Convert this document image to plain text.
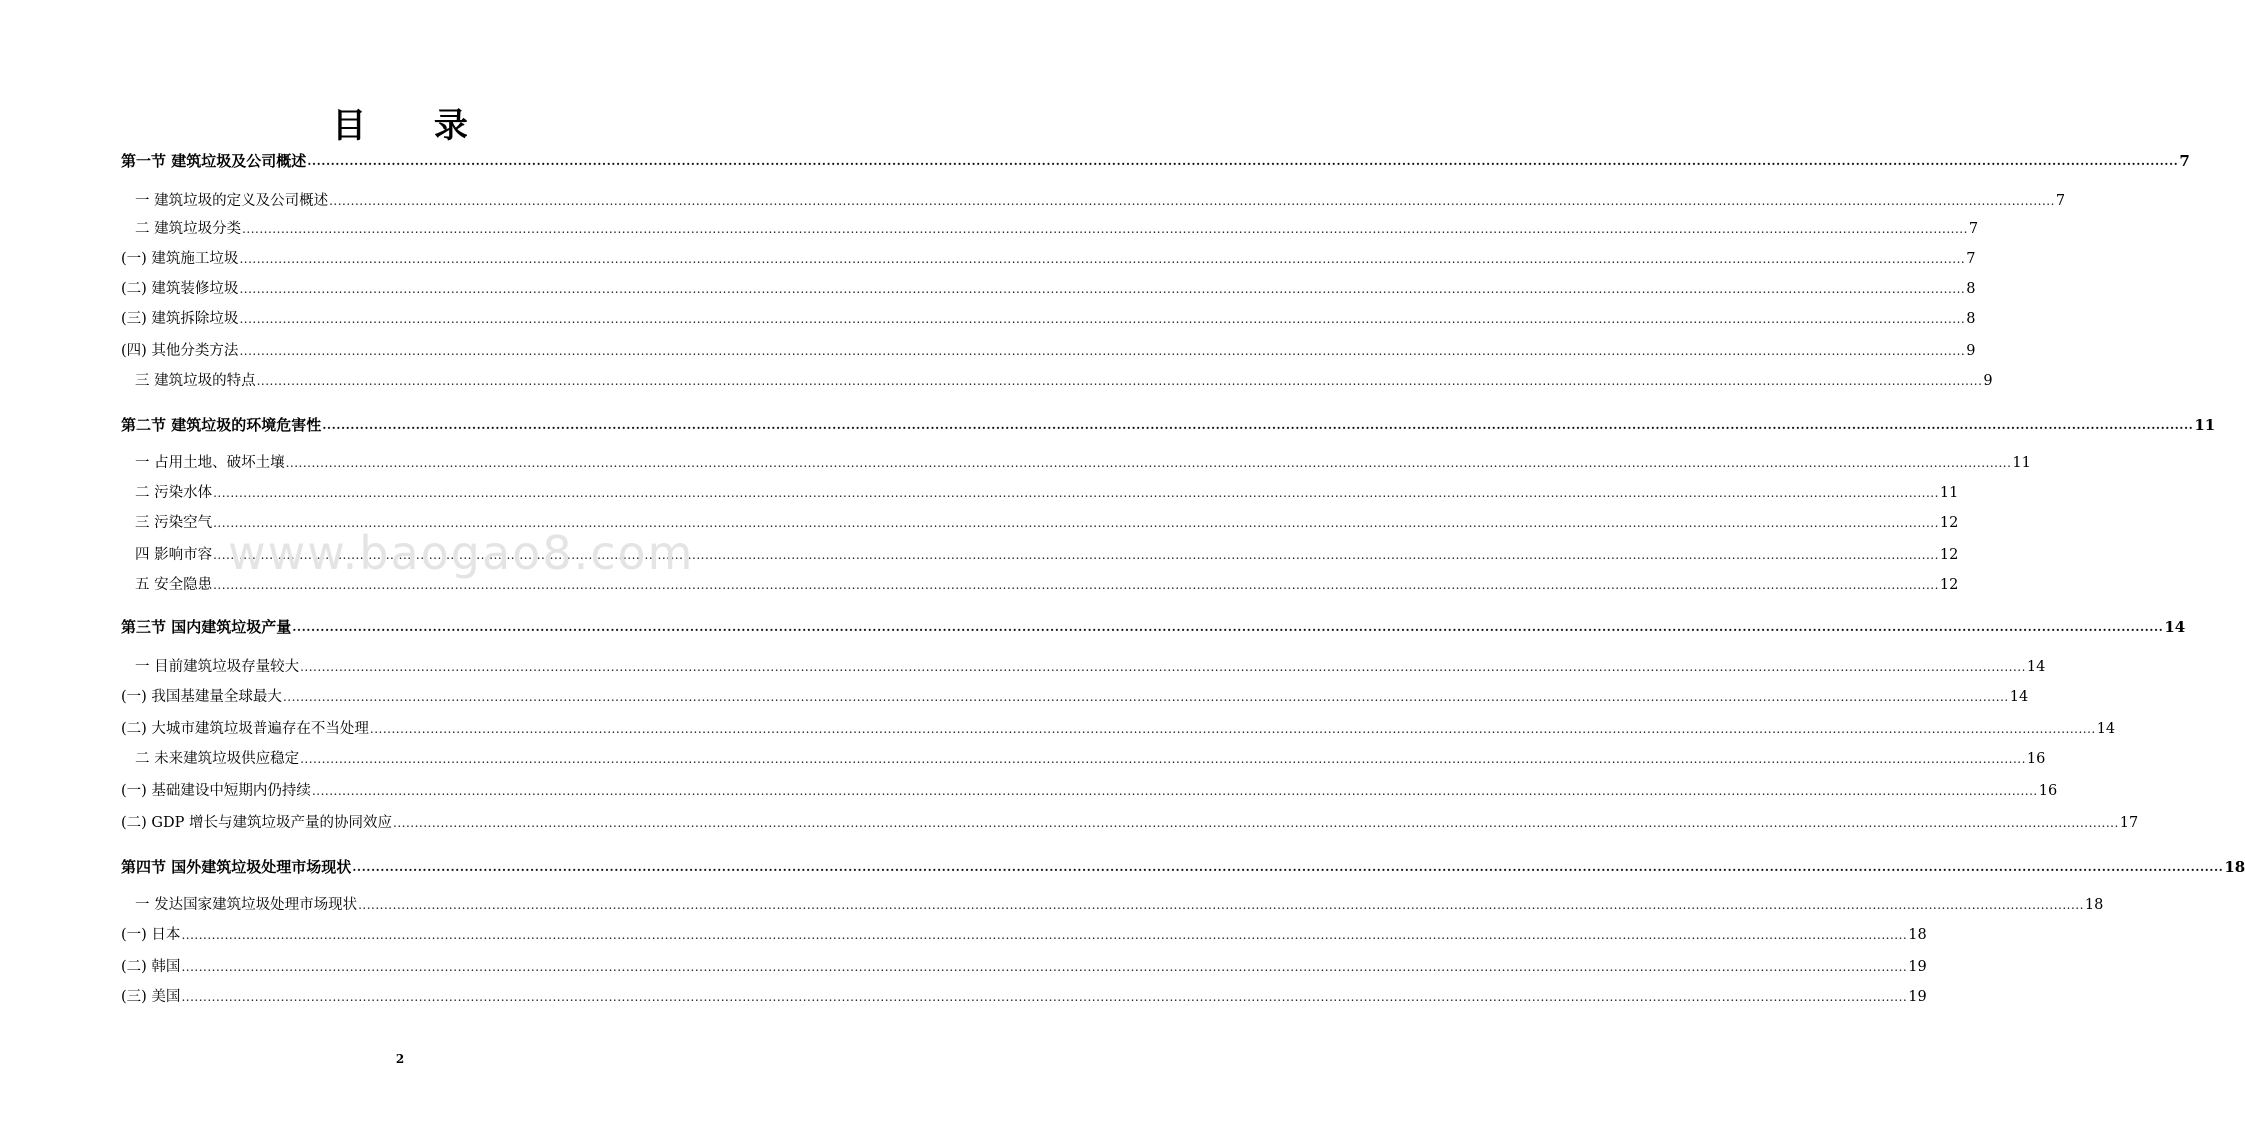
目 录
第一节 建筑垃圾及公司概述 ................................................................................................................................................................................................................................................................................................................................................................................................................ 7
一 建筑垃圾的定义及公司概述 ................................................................................................................................................................................................................................................................................................................................................................................................................ 7
二 建筑垃圾分类 ................................................................................................................................................................................................................................................................................................................................................................................................................ 7
(一) 建筑施工垃圾 ................................................................................................................................................................................................................................................................................................................................................................................................................ 7
(二) 建筑装修垃圾 ................................................................................................................................................................................................................................................................................................................................................................................................................ 8
(三) 建筑拆除垃圾 ................................................................................................................................................................................................................................................................................................................................................................................................................ 8
(四) 其他分类方法 ................................................................................................................................................................................................................................................................................................................................................................................................................ 9
三 建筑垃圾的特点 ................................................................................................................................................................................................................................................................................................................................................................................................................ 9
第二节 建筑垃圾的环境危害性 ................................................................................................................................................................................................................................................................................................................................................................................................................ 11
一 占用土地、破坏土壤 ................................................................................................................................................................................................................................................................................................................................................................................................................ 11
二 污染水体 ................................................................................................................................................................................................................................................................................................................................................................................................................ 11
三 污染空气 ................................................................................................................................................................................................................................................................................................................................................................................................................ 12
四 影响市容 ................................................................................................................................................................................................................................................................................................................................................................................................................ 12
五 安全隐患 ................................................................................................................................................................................................................................................................................................................................................................................................................ 12
第三节 国内建筑垃圾产量 ................................................................................................................................................................................................................................................................................................................................................................................................................ 14
一 目前建筑垃圾存量较大 ................................................................................................................................................................................................................................................................................................................................................................................................................ 14
(一) 我国基建量全球最大 ................................................................................................................................................................................................................................................................................................................................................................................................................ 14
(二) 大城市建筑垃圾普遍存在不当处理 ................................................................................................................................................................................................................................................................................................................................................................................................................ 14
二 未来建筑垃圾供应稳定 ................................................................................................................................................................................................................................................................................................................................................................................................................ 16
(一) 基础建设中短期内仍持续 ................................................................................................................................................................................................................................................................................................................................................................................................................ 16
(二) GDP 增长与建筑垃圾产量的协同效应 ................................................................................................................................................................................................................................................................................................................................................................................................................ 17
第四节 国外建筑垃圾处理市场现状 ................................................................................................................................................................................................................................................................................................................................................................................................................ 18
一 发达国家建筑垃圾处理市场现状 ................................................................................................................................................................................................................................................................................................................................................................................................................ 18
(一) 日本 ................................................................................................................................................................................................................................................................................................................................................................................................................ 18
(二) 韩国 ................................................................................................................................................................................................................................................................................................................................................................................................................ 19
(三) 美国 ................................................................................................................................................................................................................................................................................................................................................................................................................ 19
www.baogao8.com
2
